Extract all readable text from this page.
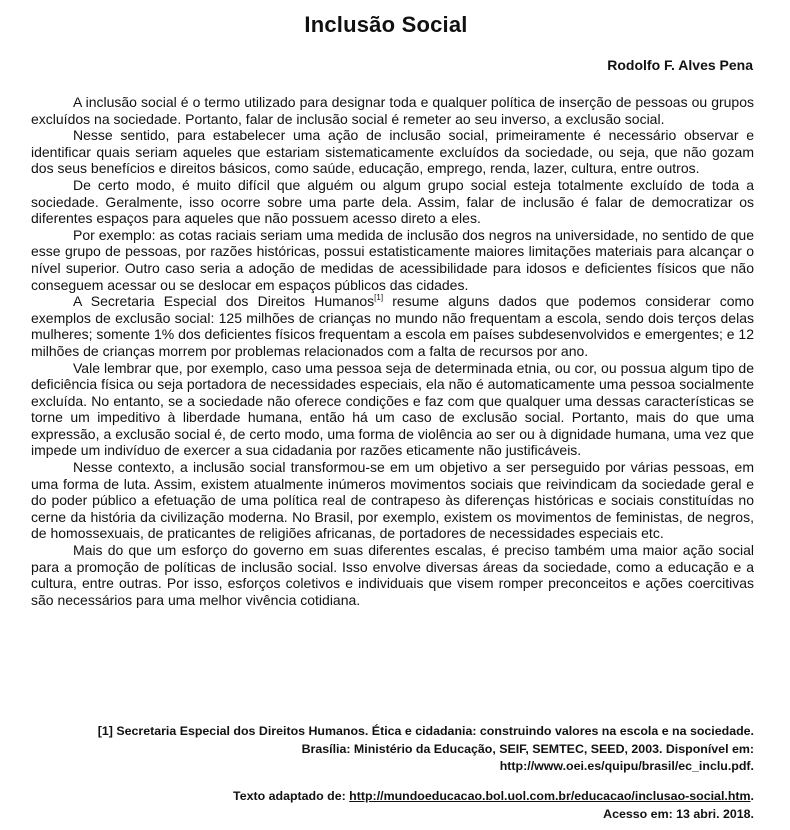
Inclusão Social
Rodolfo F. Alves Pena

A inclusão social é o termo utilizado para designar toda e qualquer política de inserção de pessoas ou grupos excluídos na sociedade. Portanto, falar de inclusão social é remeter ao seu inverso, a exclusão social.

Nesse sentido, para estabelecer uma ação de inclusão social, primeiramente é necessário observar e identificar quais seriam aqueles que estariam sistematicamente excluídos da sociedade, ou seja, que não gozam dos seus benefícios e direitos básicos, como saúde, educação, emprego, renda, lazer, cultura, entre outros.

De certo modo, é muito difícil que alguém ou algum grupo social esteja totalmente excluído de toda a sociedade. Geralmente, isso ocorre sobre uma parte dela. Assim, falar de inclusão é falar de democratizar os diferentes espaços para aqueles que não possuem acesso direto a eles.

Por exemplo: as cotas raciais seriam uma medida de inclusão dos negros na universidade, no sentido de que esse grupo de pessoas, por razões históricas, possui estatisticamente maiores limitações materiais para alcançar o nível superior. Outro caso seria a adoção de medidas de acessibilidade para idosos e deficientes físicos que não conseguem acessar ou se deslocar em espaços públicos das cidades.

A Secretaria Especial dos Direitos Humanos[1] resume alguns dados que podemos considerar como exemplos de exclusão social: 125 milhões de crianças no mundo não frequentam a escola, sendo dois terços delas mulheres; somente 1% dos deficientes físicos frequentam a escola em países subdesenvolvidos e emergentes; e 12 milhões de crianças morrem por problemas relacionados com a falta de recursos por ano.

Vale lembrar que, por exemplo, caso uma pessoa seja de determinada etnia, ou cor, ou possua algum tipo de deficiência física ou seja portadora de necessidades especiais, ela não é automaticamente uma pessoa socialmente excluída. No entanto, se a sociedade não oferece condições e faz com que qualquer uma dessas características se torne um impeditivo à liberdade humana, então há um caso de exclusão social. Portanto, mais do que uma expressão, a exclusão social é, de certo modo, uma forma de violência ao ser ou à dignidade humana, uma vez que impede um indivíduo de exercer a sua cidadania por razões eticamente não justificáveis.

Nesse contexto, a inclusão social transformou-se em um objetivo a ser perseguido por várias pessoas, em uma forma de luta. Assim, existem atualmente inúmeros movimentos sociais que reivindicam da sociedade geral e do poder público a efetuação de uma política real de contrapeso às diferenças históricas e sociais constituídas no cerne da história da civilização moderna. No Brasil, por exemplo, existem os movimentos de feministas, de negros, de homossexuais, de praticantes de religiões africanas, de portadores de necessidades especiais etc.

Mais do que um esforço do governo em suas diferentes escalas, é preciso também uma maior ação social para a promoção de políticas de inclusão social. Isso envolve diversas áreas da sociedade, como a educação e a cultura, entre outras. Por isso, esforços coletivos e individuais que visem romper preconceitos e ações coercitivas são necessários para uma melhor vivência cotidiana.

[1] Secretaria Especial dos Direitos Humanos. Ética e cidadania: construindo valores na escola e na sociedade.
Brasília: Ministério da Educação, SEIF, SEMTEC, SEED, 2003. Disponível em:
http://www.oei.es/quipu/brasil/ec_inclu.pdf.
Texto adaptado de: http://mundoeducacao.bol.uol.com.br/educacao/inclusao-social.htm.
Acesso em: 13 abri. 2018.
